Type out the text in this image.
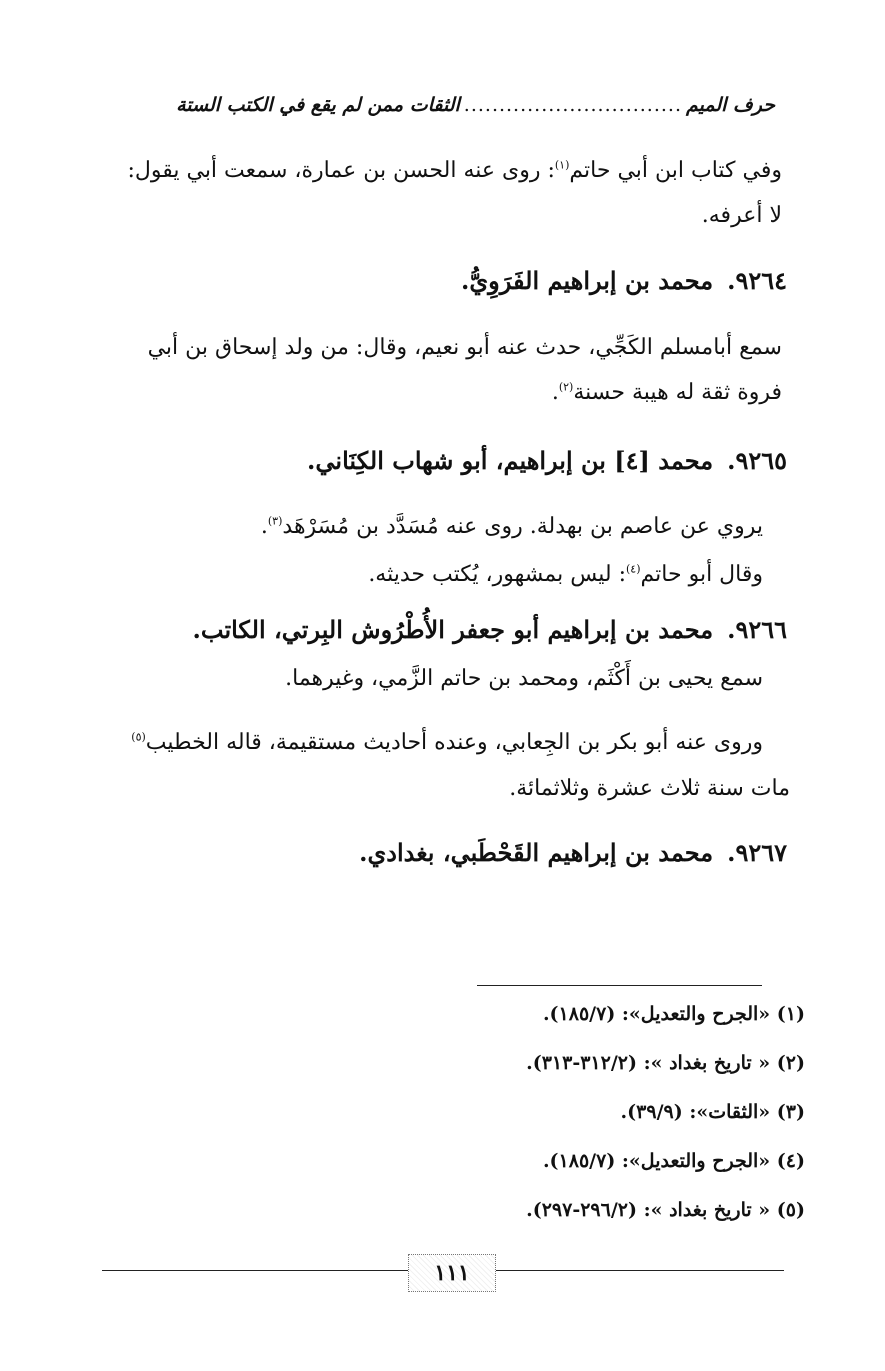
حرف الميم
...............................
الثقات ممن لم يقع في الكتب الستة
وفي كتاب ابن أبي حاتم$^{(١)}$: روى عنه الحسن بن عمارة، سمعت أبي يقول:
لا أعرفه.
٩٢٦٤.
محمد بن إبراهيم الفَرَوِيُّ.
سمع أبامسلم الكَجِّي، حدث عنه أبو نعيم، وقال: من ولد إسحاق بن أبي
فروة ثقة له هيبة حسنة$^{(٢)}$.
٩٢٦٥.
محمد [٤] بن إبراهيم، أبو شهاب الكِنَاني.
يروي عن عاصم بن بهدلة. روى عنه مُسَدَّد بن مُسَرْهَد$^{(٣)}$.
وقال أبو حاتم$^{(٤)}$: ليس بمشهور، يُكتب حديثه.
٩٢٦٦.
محمد بن إبراهيم أبو جعفر الأُطْرُوش البِرتي، الكاتب.
سمع يحيى بن أَكْثَم، ومحمد بن حاتم الزَّمي، وغيرهما.
وروى عنه أبو بكر بن الجِعابي، وعنده أحاديث مستقيمة، قاله الخطيب$^{(٥)}$
مات سنة ثلاث عشرة وثلاثمائة.
٩٢٦٧.
محمد بن إبراهيم القَحْطَبي، بغدادي.
(١) «الجرح والتعديل»: (١٨٥/٧).
(٢) « تاريخ بغداد »: (٣١٢/٢-٣١٣).
(٣) «الثقات»: (٣٩/٩).
(٤) «الجرح والتعديل»: (١٨٥/٧).
(٥) « تاريخ بغداد »: (٢٩٦/٢-٢٩٧).
١١١
